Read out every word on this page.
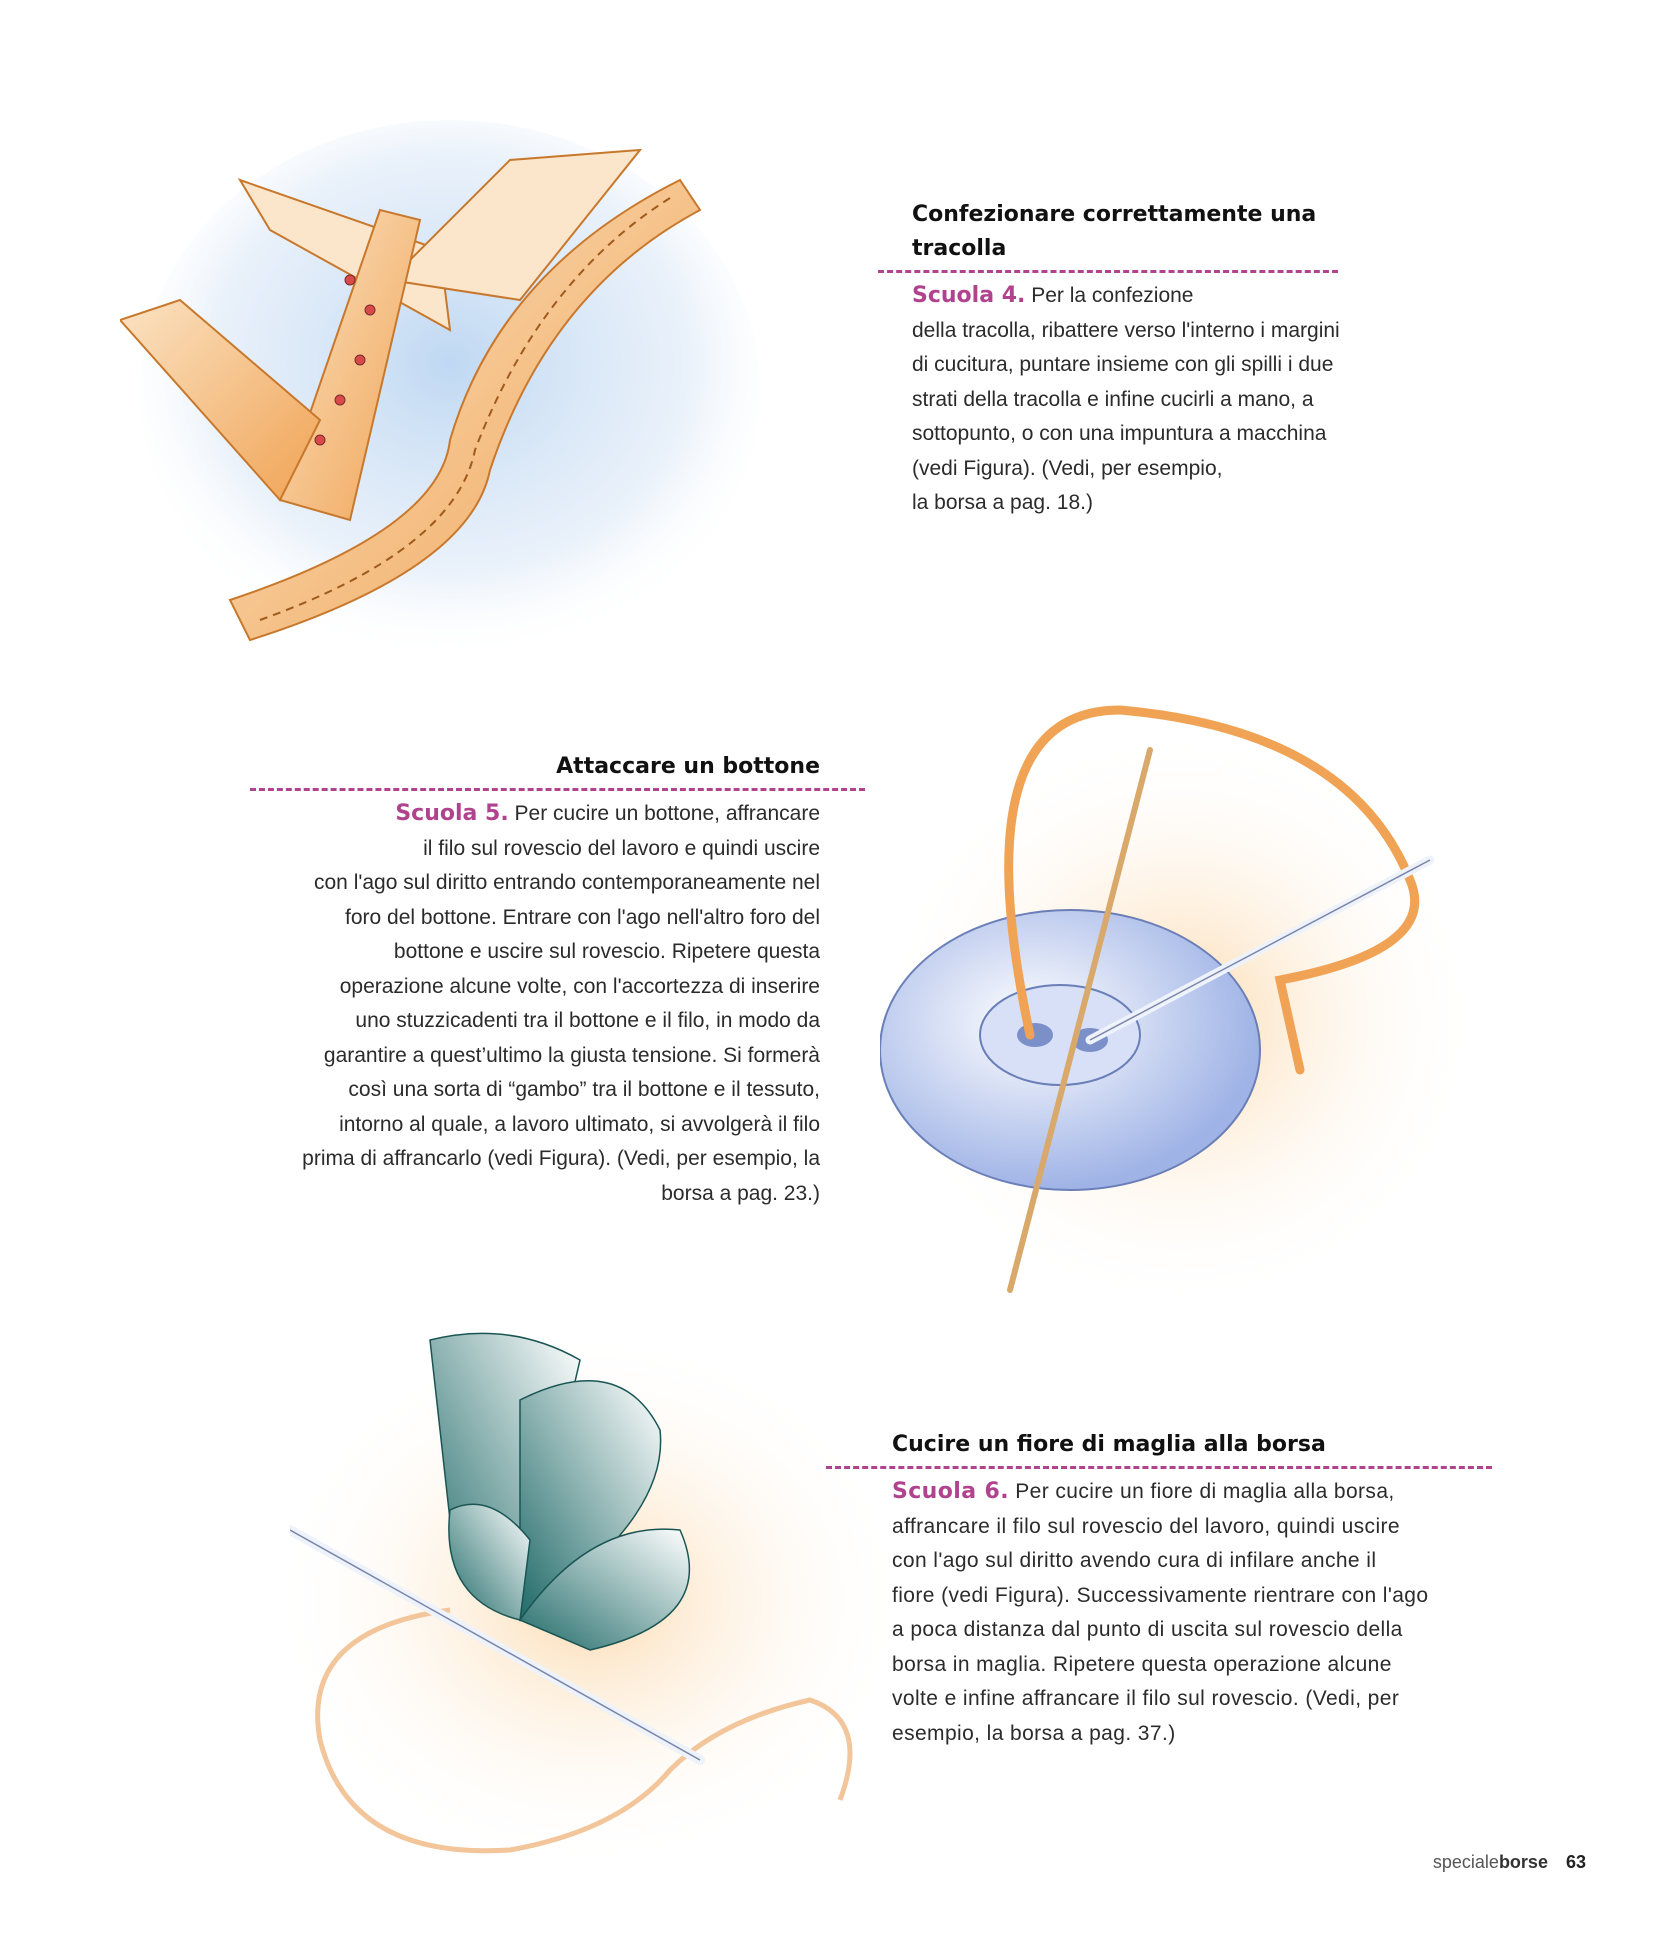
Confezionare correttamente una tracolla

Scuola 4. Per la confezione
della tracolla, ribattere verso l'interno i margini
di cucitura, puntare insieme con gli spilli i due
strati della tracolla e infine cucirli a mano, a
sottopunto, o con una impuntura a macchina
(vedi Figura). (Vedi, per esempio,
la borsa a pag. 18.)

Attaccare un bottone

Scuola 5. Per cucire un bottone, affrancare
il filo sul rovescio del lavoro e quindi uscire
con l'ago sul diritto entrando contemporaneamente nel
foro del bottone. Entrare con l'ago nell'altro foro del
bottone e uscire sul rovescio. Ripetere questa
operazione alcune volte, con l'accortezza di inserire
uno stuzzicadenti tra il bottone e il filo, in modo da
garantire a quest’ultimo la giusta tensione. Si formerà
così una sorta di “gambo” tra il bottone e il tessuto,
intorno al quale, a lavoro ultimato, si avvolgerà il filo
prima di affrancarlo (vedi Figura). (Vedi, per esempio, la
borsa a pag. 23.)

Cucire un fiore di maglia alla borsa

Scuola 6. Per cucire un fiore di maglia alla borsa,
affrancare il filo sul rovescio del lavoro, quindi uscire
con l'ago sul diritto avendo cura di infilare anche il
fiore (vedi Figura). Successivamente rientrare con l'ago
a poca distanza dal punto di uscita sul rovescio della
borsa in maglia. Ripetere questa operazione alcune
volte e infine affrancare il filo sul rovescio. (Vedi, per
esempio, la borsa a pag. 37.)

specialeborse 63
